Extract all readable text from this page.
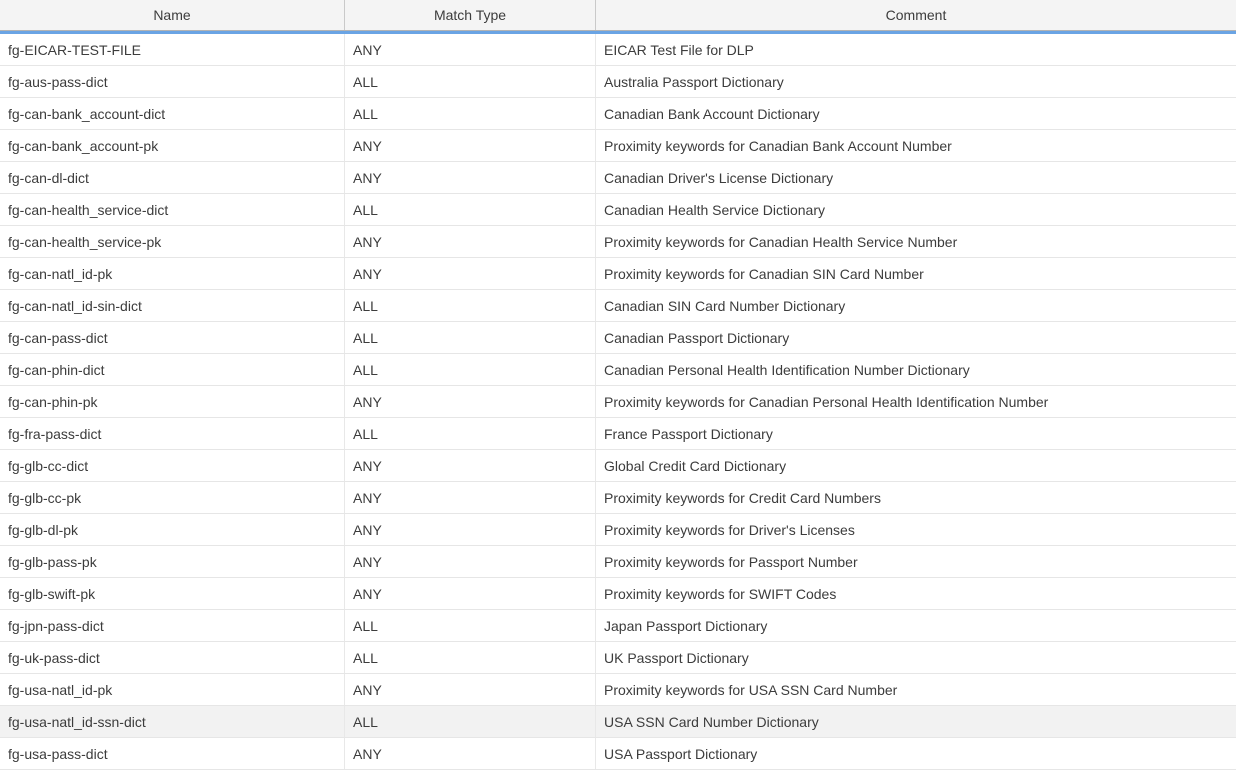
Name	Match Type	Comment
fg-EICAR-TEST-FILE	ANY	EICAR Test File for DLP
fg-aus-pass-dict	ALL	Australia Passport Dictionary
fg-can-bank_account-dict	ALL	Canadian Bank Account Dictionary
fg-can-bank_account-pk	ANY	Proximity keywords for Canadian Bank Account Number
fg-can-dl-dict	ANY	Canadian Driver's License Dictionary
fg-can-health_service-dict	ALL	Canadian Health Service Dictionary
fg-can-health_service-pk	ANY	Proximity keywords for Canadian Health Service Number
fg-can-natl_id-pk	ANY	Proximity keywords for Canadian SIN Card Number
fg-can-natl_id-sin-dict	ALL	Canadian SIN Card Number Dictionary
fg-can-pass-dict	ALL	Canadian Passport Dictionary
fg-can-phin-dict	ALL	Canadian Personal Health Identification Number Dictionary
fg-can-phin-pk	ANY	Proximity keywords for Canadian Personal Health Identification Number
fg-fra-pass-dict	ALL	France Passport Dictionary
fg-glb-cc-dict	ANY	Global Credit Card Dictionary
fg-glb-cc-pk	ANY	Proximity keywords for Credit Card Numbers
fg-glb-dl-pk	ANY	Proximity keywords for Driver's Licenses
fg-glb-pass-pk	ANY	Proximity keywords for Passport Number
fg-glb-swift-pk	ANY	Proximity keywords for SWIFT Codes
fg-jpn-pass-dict	ALL	Japan Passport Dictionary
fg-uk-pass-dict	ALL	UK Passport Dictionary
fg-usa-natl_id-pk	ANY	Proximity keywords for USA SSN Card Number
fg-usa-natl_id-ssn-dict	ALL	USA SSN Card Number Dictionary
fg-usa-pass-dict	ANY	USA Passport Dictionary
